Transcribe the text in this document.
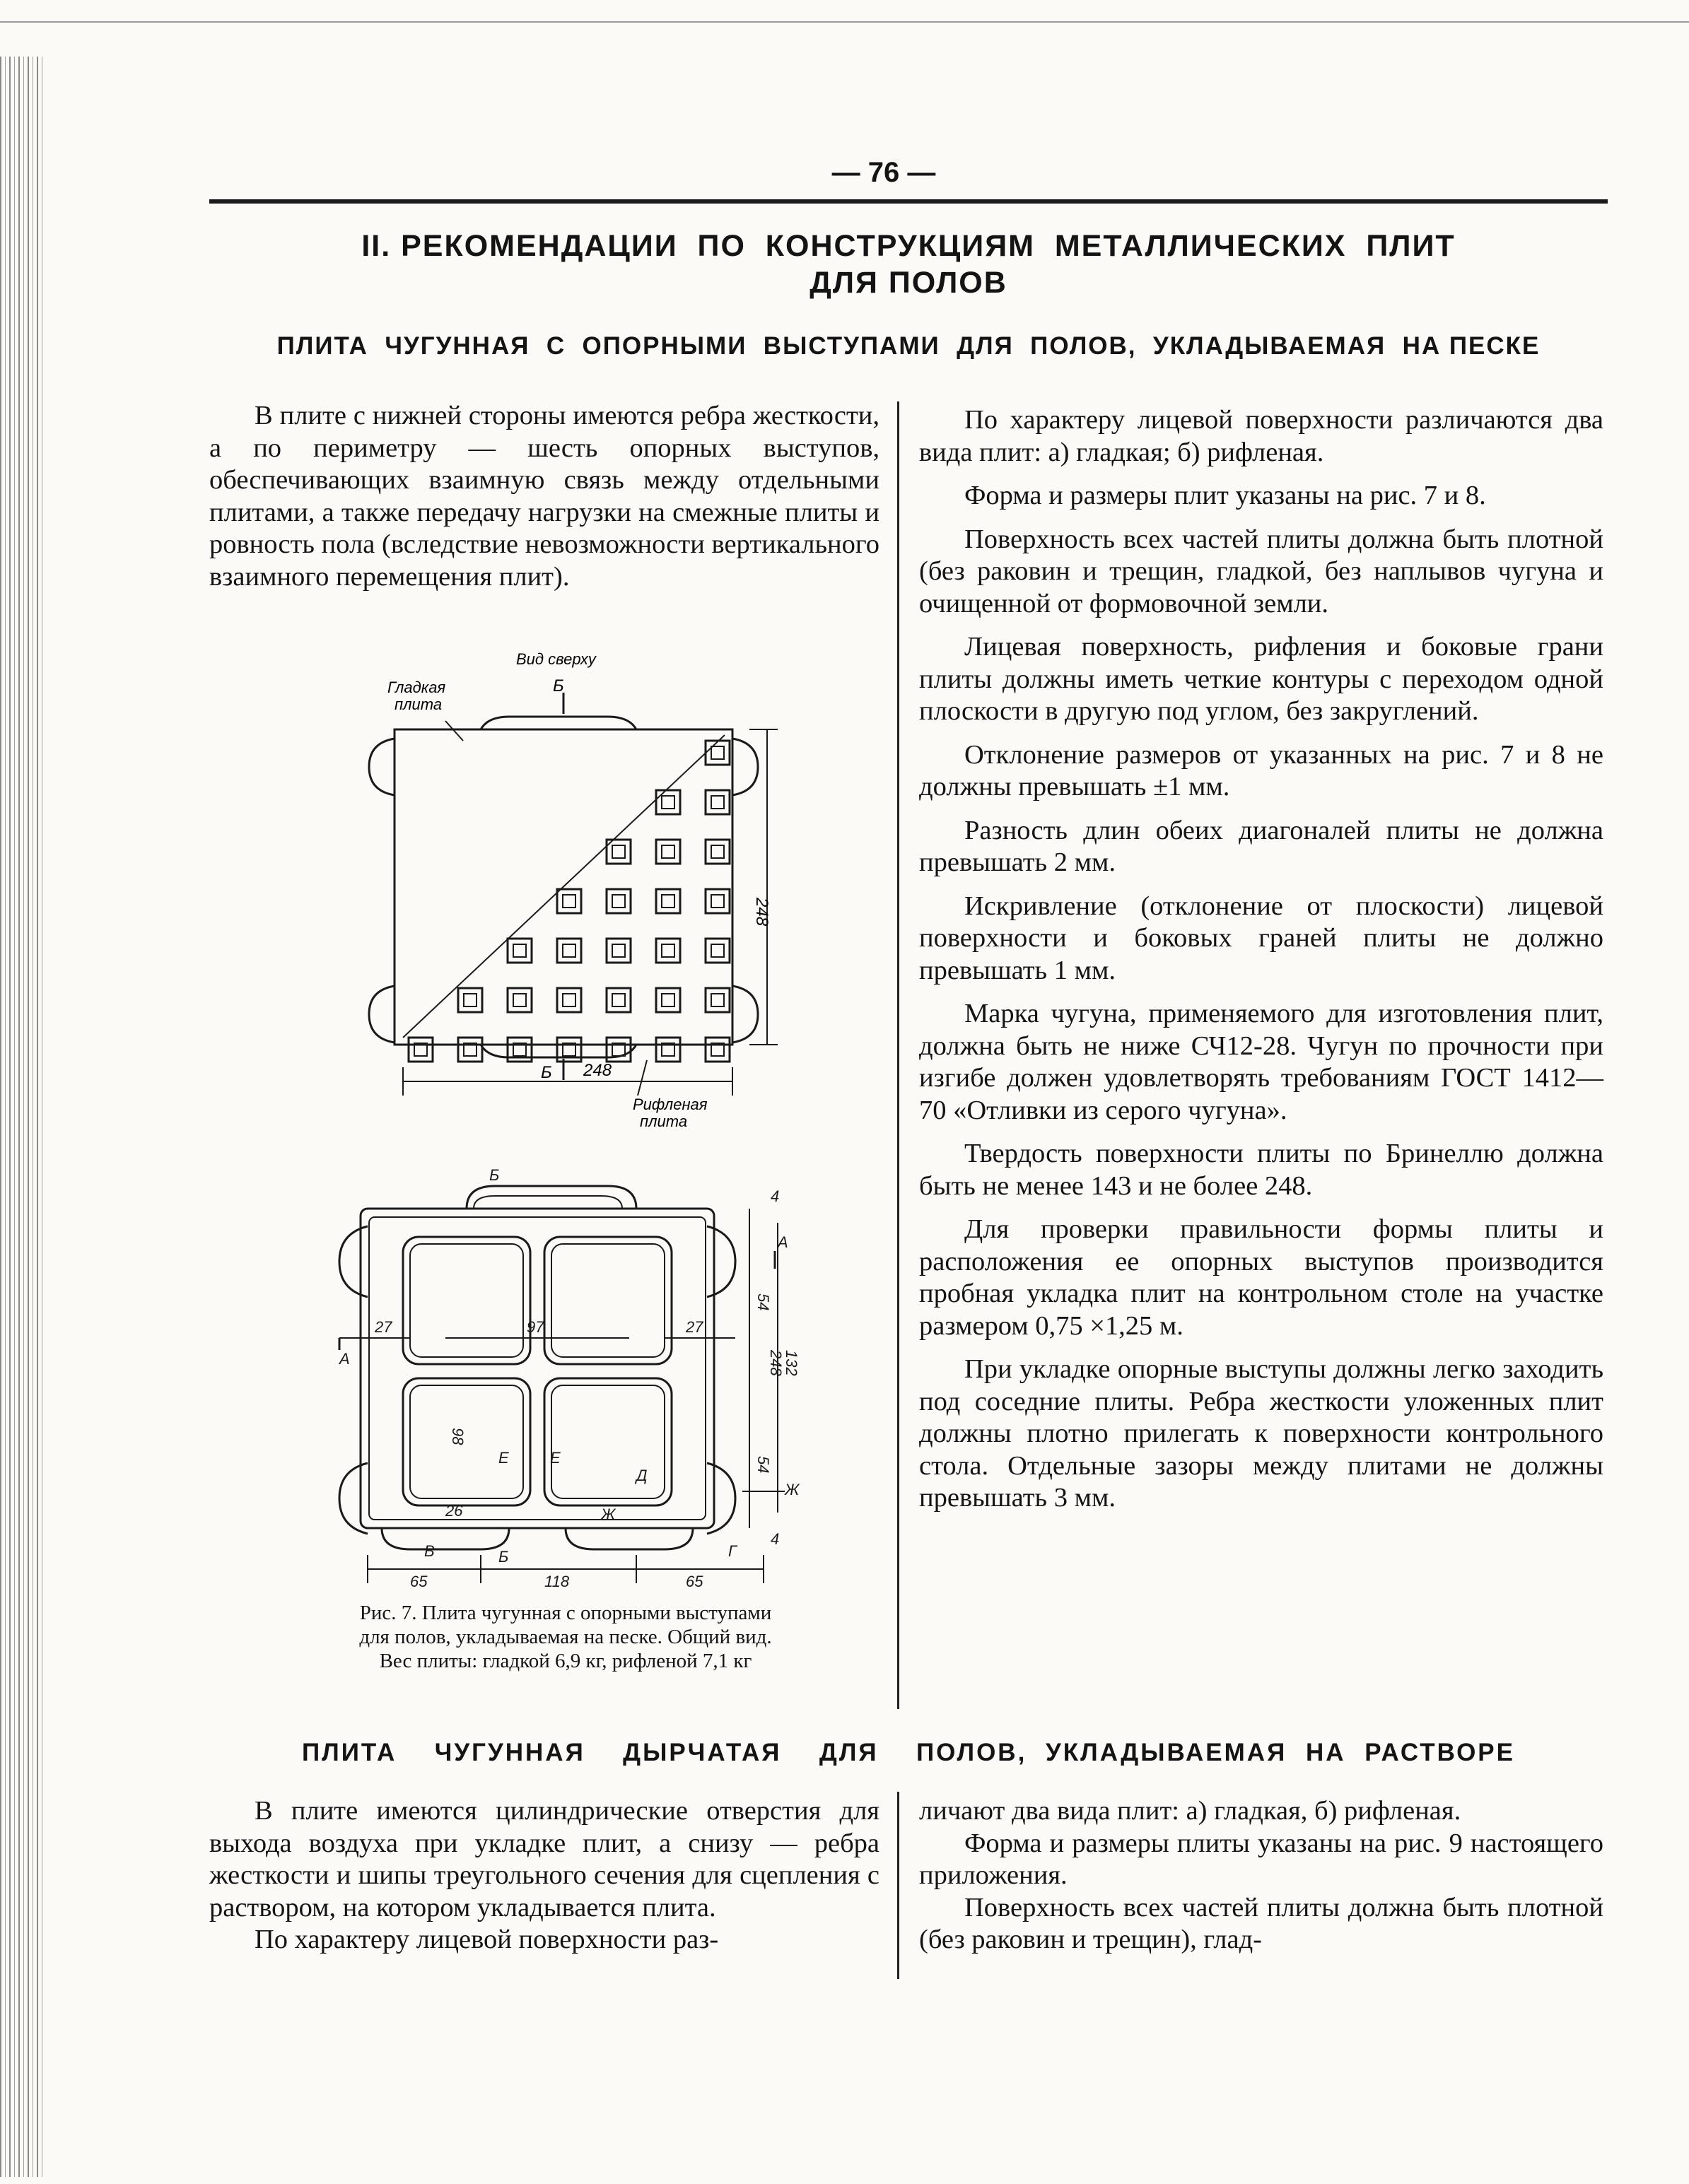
— 76 —
II. РЕКОМЕНДАЦИИ  ПО  КОНСТРУКЦИЯМ  МЕТАЛЛИЧЕСКИХ  ПЛИТ
ДЛЯ ПОЛОВ
ПЛИТА  ЧУГУННАЯ  С  ОПОРНЫМИ  ВЫСТУПАМИ  ДЛЯ  ПОЛОВ,  УКЛАДЫВАЕМАЯ  НА ПЕСКЕ

В плите с нижней стороны имеются ребра жесткости, а по периметру — шесть опорных выступов, обеспечивающих взаимную связь между отдельными плитами, а также передачу нагрузки на смежные плиты и ровность пола (вследствие невозможности вертикального взаимного перемещения плит).

По характеру лицевой поверхности различаются два вида плит: а) гладкая; б) рифленая.

Форма и размеры плит указаны на рис. 7 и 8.

Поверхность всех частей плиты должна быть плотной (без раковин и трещин, гладкой, без наплывов чугуна и очищенной от формовочной земли.

Лицевая поверхность, рифления и боковые грани плиты должны иметь четкие контуры с переходом одной плоскости в другую под углом, без закруглений.

Отклонение размеров от указанных на рис. 7 и 8 не должны превышать ±1 мм.

Разность длин обеих диагоналей плиты не должна превышать 2 мм.

Искривление (отклонение от плоскости) лицевой поверхности и боковых граней плиты не должно превышать 1 мм.

Марка чугуна, применяемого для изготовления плит, должна быть не ниже СЧ12-28. Чугун по прочности при изгибе должен удовлетворять требованиям ГОСТ 1412—70 «Отливки из серого чугуна».

Твердость поверхности плиты по Бринеллю должна быть не менее 143 и не более 248.

Для проверки правильности формы плиты и расположения ее опорных выступов производится пробная укладка плит на контрольном столе на участке размером 0,75 ×1,25 м.

При укладке опорные выступы должны легко заходить под соседние плиты. Ребра жесткости уложенных плит должны плотно прилегать к поверхности контрольного стола. Отдельные зазоры между плитами не должны превышать 3 мм.

Вид сверху
Гладкая
плита
Б
Б 248
248
Рифленая
плита
Б
А
А
Е	Е
Д
Ж
Ж
В	Г
Б
27	27
97
26
98
54
54
132
248
4
4
65	118	65
Рис. 7. Плита чугунная с опорными выступами для полов, укладываемая на песке. Общий вид. Вес плиты: гладкой 6,9 кг, рифленой 7,1 кг
ПЛИТА  ЧУГУННАЯ  ДЫРЧАТАЯ  ДЛЯ  ПОЛОВ, УКЛАДЫВАЕМАЯ НА РАСТВОРЕ

В плите имеются цилиндрические отверстия для выхода воздуха при укладке плит, а снизу — ребра жесткости и шипы треугольного сечения для сцепления с раствором, на котором укладывается плита.

По характеру лицевой поверхности раз-

личают два вида плит: а) гладкая, б) рифленая.

Форма и размеры плиты указаны на рис. 9 настоящего приложения.

Поверхность всех частей плиты должна быть плотной (без раковин и трещин), глад-
